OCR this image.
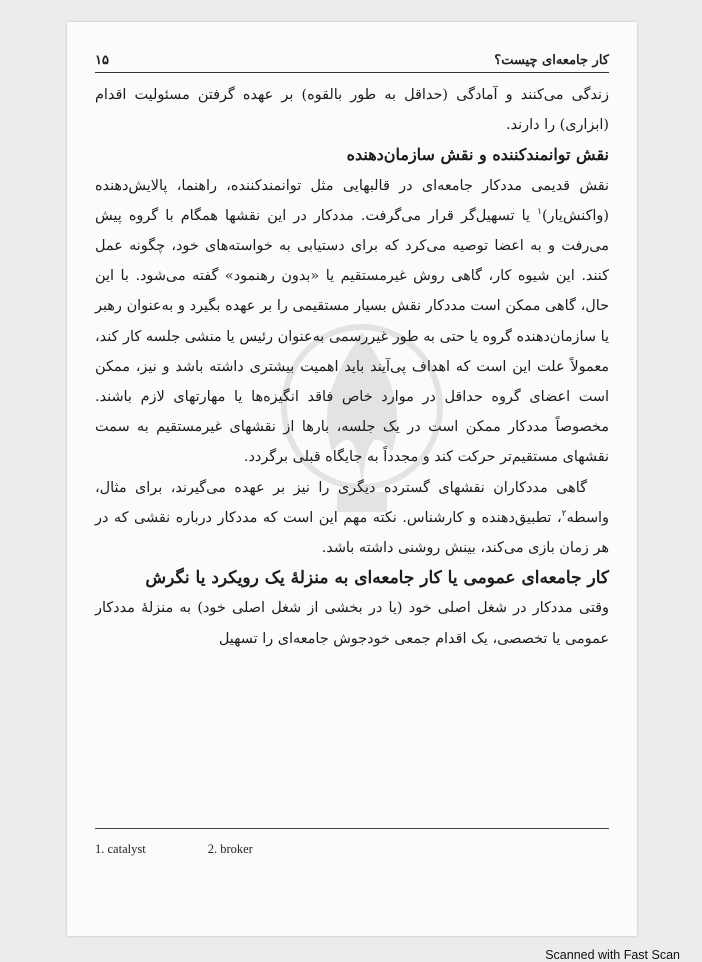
کار جامعه‌ای چیست؟
۱۵

زندگی می‌کنند و آمادگی (حداقل به طور بالقوه) بر عهده گرفتن مسئولیت اقدام (ابزاری) را دارند.

نقش توانمندکننده و نقش سازمان‌دهنده

نقش قدیمی مددکار جامعه‌ای در قالبهایی مثل توانمندکننده، راهنما، پالایش‌دهنده (واکنش‌یار)$^۱$ یا تسهیل‌گر قرار می‌گرفت. مددکار در این نقشها همگام با گروه پیش می‌رفت و به اعضا توصیه می‌کرد که برای دستیابی به خواسته‌های خود، چگونه عمل کنند. این شیوه کار، گاهی روش غیرمستقیم یا «بدون رهنمود» گفته می‌شود. با این حال، گاهی ممکن است مددکار نقش بسیار مستقیمی را بر عهده بگیرد و به‌عنوان رهبر یا سازمان‌دهنده گروه یا حتی به طور غیررسمی به‌عنوان رئیس یا منشی جلسه کار کند، معمولاً علت این است که اهداف پی‌آیند باید اهمیت بیشتری داشته باشد و نیز، ممکن است اعضای گروه حداقل در موارد خاص فاقد انگیزه‌ها یا مهارتهای لازم باشند. مخصوصاً مددکار ممکن است در یک جلسه، بارها از نقشهای غیرمستقیم به سمت نقشهای مستقیم‌تر حرکت کند و مجدداً به جایگاه قبلی برگردد.

گاهی مددکاران نقشهای گسترده دیگری را نیز بر عهده می‌گیرند، برای مثال، واسطه$^۲$، تطبیق‌دهنده و کارشناس. نکته مهم این است که مددکار درباره نقشی که در هر زمان بازی می‌کند، بینش روشنی داشته باشد.

کار جامعه‌ای عمومی یا کار جامعه‌ای به منزلهٔ یک رویکرد یا نگرش

وقتی مددکار در شغل اصلی خود (یا در بخشی از شغل اصلی خود) به منزلهٔ مددکار عمومی یا تخصصی، یک اقدام جمعی خودجوش جامعه‌ای را تسهیل

1. catalyst	2. broker
Scanned with Fast Scan
